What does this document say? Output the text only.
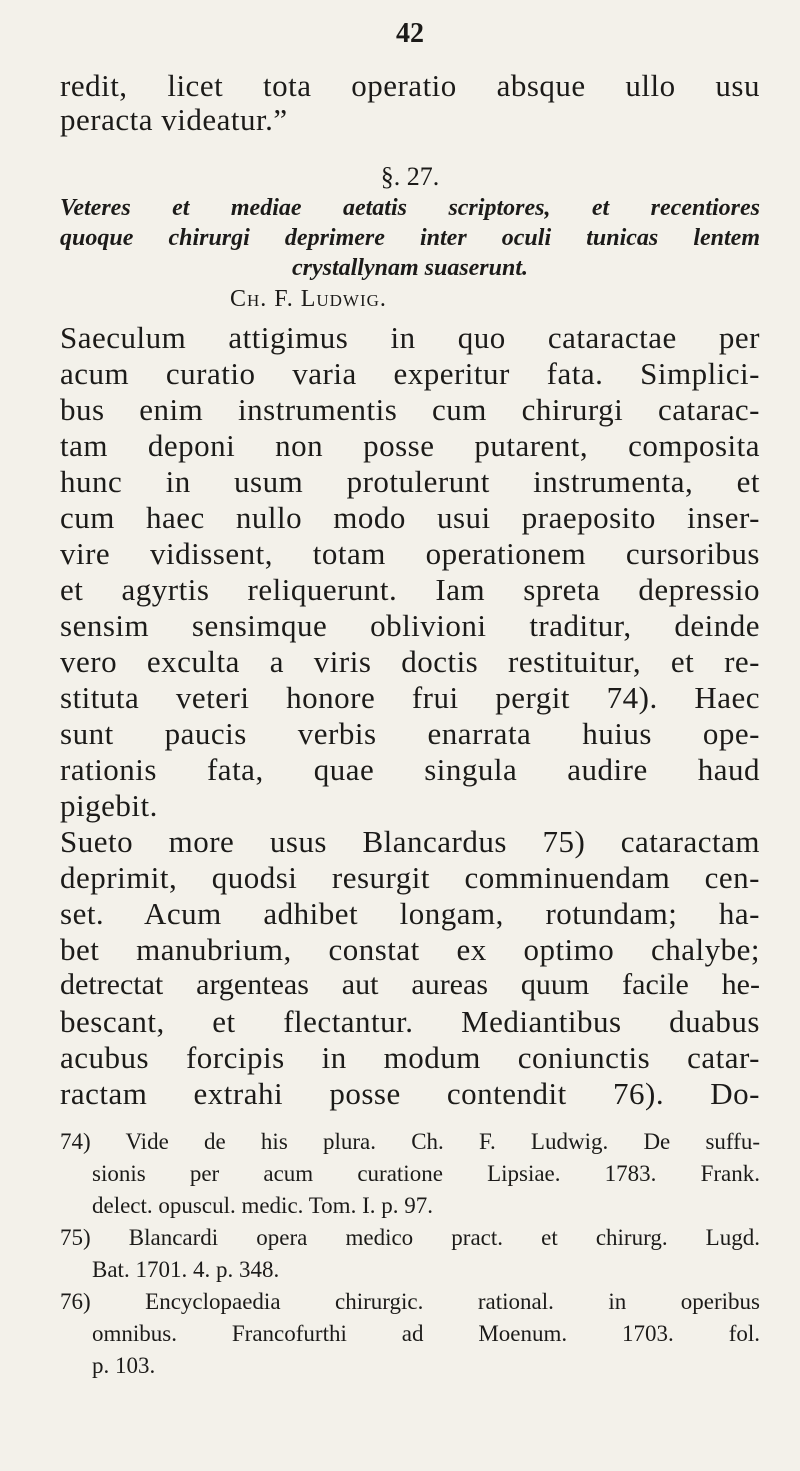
42
redit, licet tota operatio absque ullo usu
peracta videatur.”
§. 27.
Veteres et mediae aetatis scriptores, et recentiores
quoque chirurgi deprimere inter oculi tunicas lentem
crystallynam suaserunt.
Ch. F. Ludwig.
Saeculum attigimus in quo cataractae per
acum curatio varia experitur fata. Simplici-
bus enim instrumentis cum chirurgi catarac-
tam deponi non posse putarent, composita
hunc in usum protulerunt instrumenta, et
cum haec nullo modo usui praeposito inser-
vire vidissent, totam operationem cursoribus
et agyrtis reliquerunt. Iam spreta depressio
sensim sensimque oblivioni traditur, deinde
vero exculta a viris doctis restituitur, et re-
stituta veteri honore frui pergit 74). Haec
sunt paucis verbis enarrata huius ope-
rationis fata, quae singula audire haud
pigebit.
Sueto more usus Blancardus 75) cataractam
deprimit, quodsi resurgit comminuendam cen-
set. Acum adhibet longam, rotundam; ha-
bet manubrium, constat ex optimo chalybe;
detrectat argenteas aut aureas quum facile he-
bescant, et flectantur. Mediantibus duabus
acubus forcipis in modum coniunctis catar-
ractam extrahi posse contendit 76). Do-
74) Vide de his plura. Ch. F. Ludwig. De suffu-
sionis per acum curatione Lipsiae. 1783. Frank.
delect. opuscul. medic. Tom. I. p. 97.
75) Blancardi opera medico pract. et chirurg. Lugd.
Bat. 1701. 4. p. 348.
76) Encyclopaedia chirurgic. rational. in operibus
omnibus. Francofurthi ad Moenum. 1703. fol.
p. 103.
